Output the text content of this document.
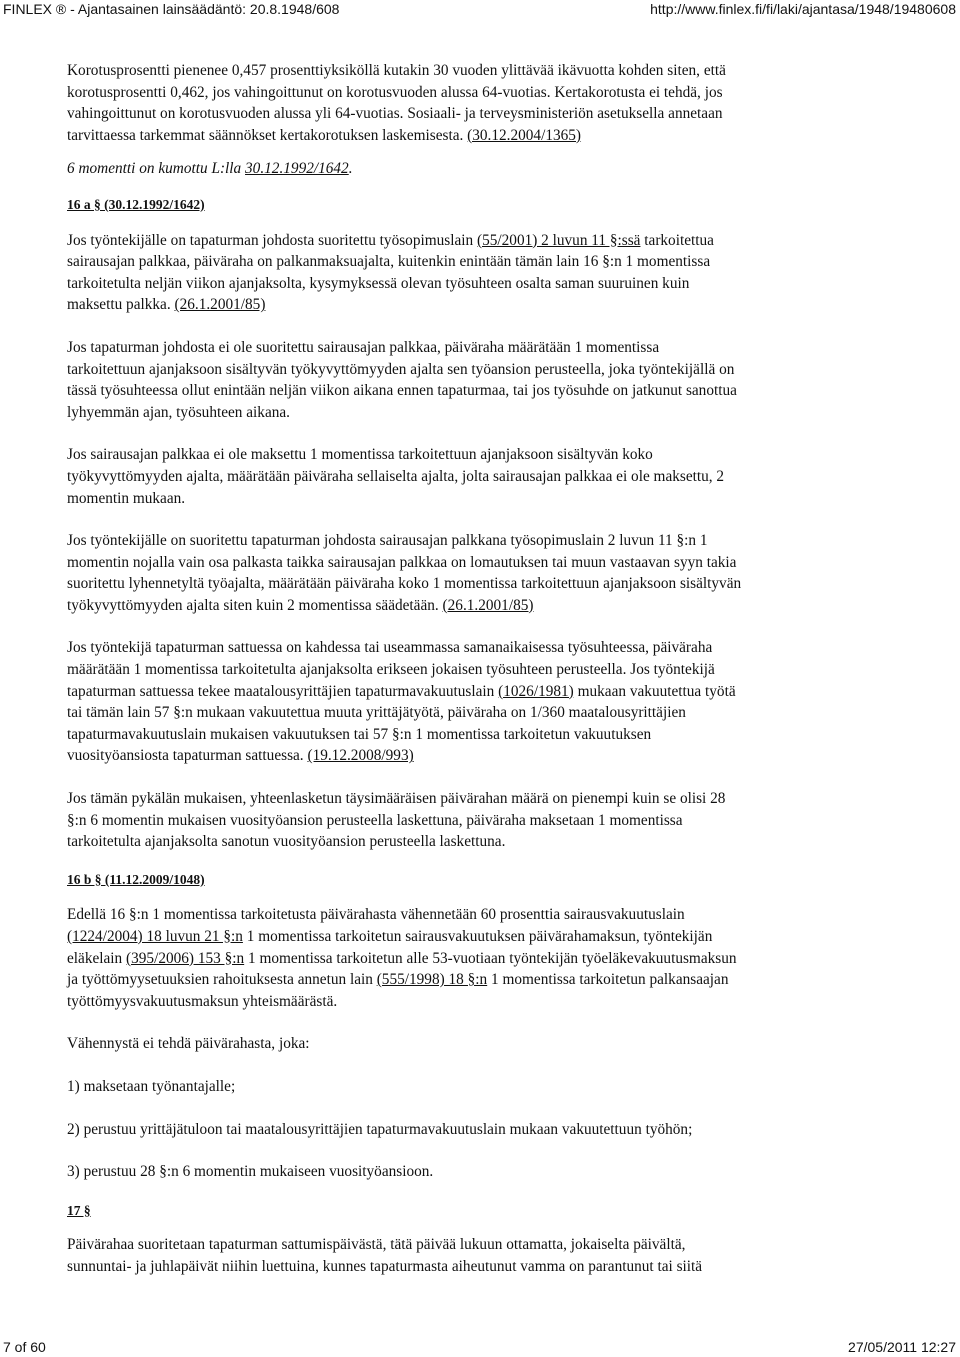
FINLEX ® - Ajantasainen lainsäädäntö: 20.8.1948/608	http://www.finlex.fi/fi/laki/ajantasa/1948/19480608
Korotusprosentti pienenee 0,457 prosenttiyksiköllä kutakin 30 vuoden ylittävää ikävuotta kohden siten, että
korotusprosentti 0,462, jos vahingoittunut on korotusvuoden alussa 64-vuotias. Kertakorotusta ei tehdä, jos
vahingoittunut on korotusvuoden alussa yli 64-vuotias. Sosiaali- ja terveysministeriön asetuksella annetaan
tarvittaessa tarkemmat säännökset kertakorotuksen laskemisesta. (30.12.2004/1365)
6 momentti on kumottu L:lla 30.12.1992/1642.
16 a § (30.12.1992/1642)
Jos työntekijälle on tapaturman johdosta suoritettu työsopimuslain (55/2001) 2 luvun 11 §:ssä tarkoitettua
sairausajan palkkaa, päiväraha on palkanmaksuajalta, kuitenkin enintään tämän lain 16 §:n 1 momentissa
tarkoitetulta neljän viikon ajanjaksolta, kysymyksessä olevan työsuhteen osalta saman suuruinen kuin
maksettu palkka. (26.1.2001/85)
Jos tapaturman johdosta ei ole suoritettu sairausajan palkkaa, päiväraha määrätään 1 momentissa
tarkoitettuun ajanjaksoon sisältyvän työkyvyttömyyden ajalta sen työansion perusteella, joka työntekijällä on
tässä työsuhteessa ollut enintään neljän viikon aikana ennen tapaturmaa, tai jos työsuhde on jatkunut sanottua
lyhyemmän ajan, työsuhteen aikana.
Jos sairausajan palkkaa ei ole maksettu 1 momentissa tarkoitettuun ajanjaksoon sisältyvän koko
työkyvyttömyyden ajalta, määrätään päiväraha sellaiselta ajalta, jolta sairausajan palkkaa ei ole maksettu, 2
momentin mukaan.
Jos työntekijälle on suoritettu tapaturman johdosta sairausajan palkkana työsopimuslain 2 luvun 11 §:n 1
momentin nojalla vain osa palkasta taikka sairausajan palkkaa on lomautuksen tai muun vastaavan syyn takia
suoritettu lyhennetyltä työajalta, määrätään päiväraha koko 1 momentissa tarkoitettuun ajanjaksoon sisältyvän
työkyvyttömyyden ajalta siten kuin 2 momentissa säädetään. (26.1.2001/85)
Jos työntekijä tapaturman sattuessa on kahdessa tai useammassa samanaikaisessa työsuhteessa, päiväraha
määrätään 1 momentissa tarkoitetulta ajanjaksolta erikseen jokaisen työsuhteen perusteella. Jos työntekijä
tapaturman sattuessa tekee maatalousyrittäjien tapaturmavakuutuslain (1026/1981) mukaan vakuutettua työtä
tai tämän lain 57 §:n mukaan vakuutettua muuta yrittäjätyötä, päiväraha on 1/360 maatalousyrittäjien
tapaturmavakuutuslain mukaisen vakuutuksen tai 57 §:n 1 momentissa tarkoitetun vakuutuksen
vuosityöansiosta tapaturman sattuessa. (19.12.2008/993)
Jos tämän pykälän mukaisen, yhteenlasketun täysimääräisen päivärahan määrä on pienempi kuin se olisi 28
§:n 6 momentin mukaisen vuosityöansion perusteella laskettuna, päiväraha maksetaan 1 momentissa
tarkoitetulta ajanjaksolta sanotun vuosityöansion perusteella laskettuna.
16 b § (11.12.2009/1048)
Edellä 16 §:n 1 momentissa tarkoitetusta päivärahasta vähennetään 60 prosenttia sairausvakuutuslain
(1224/2004) 18 luvun 21 §:n 1 momentissa tarkoitetun sairausvakuutuksen päivärahamaksun, työntekijän
eläkelain (395/2006) 153 §:n 1 momentissa tarkoitetun alle 53-vuotiaan työntekijän työeläkevakuutusmaksun
ja työttömyysetuuksien rahoituksesta annetun lain (555/1998) 18 §:n 1 momentissa tarkoitetun palkansaajan
työttömyysvakuutusmaksun yhteismäärästä.
Vähennystä ei tehdä päivärahasta, joka:
1) maksetaan työnantajalle;
2) perustuu yrittäjätuloon tai maatalousyrittäjien tapaturmavakuutuslain mukaan vakuutettuun työhön;
3) perustuu 28 §:n 6 momentin mukaiseen vuosityöansioon.
17 §
Päivärahaa suoritetaan tapaturman sattumispäivästä, tätä päivää lukuun ottamatta, jokaiselta päivältä,
sunnuntai- ja juhlapäivät niihin luettuina, kunnes tapaturmasta aiheutunut vamma on parantunut tai siitä
7 of 60	27/05/2011 12:27
